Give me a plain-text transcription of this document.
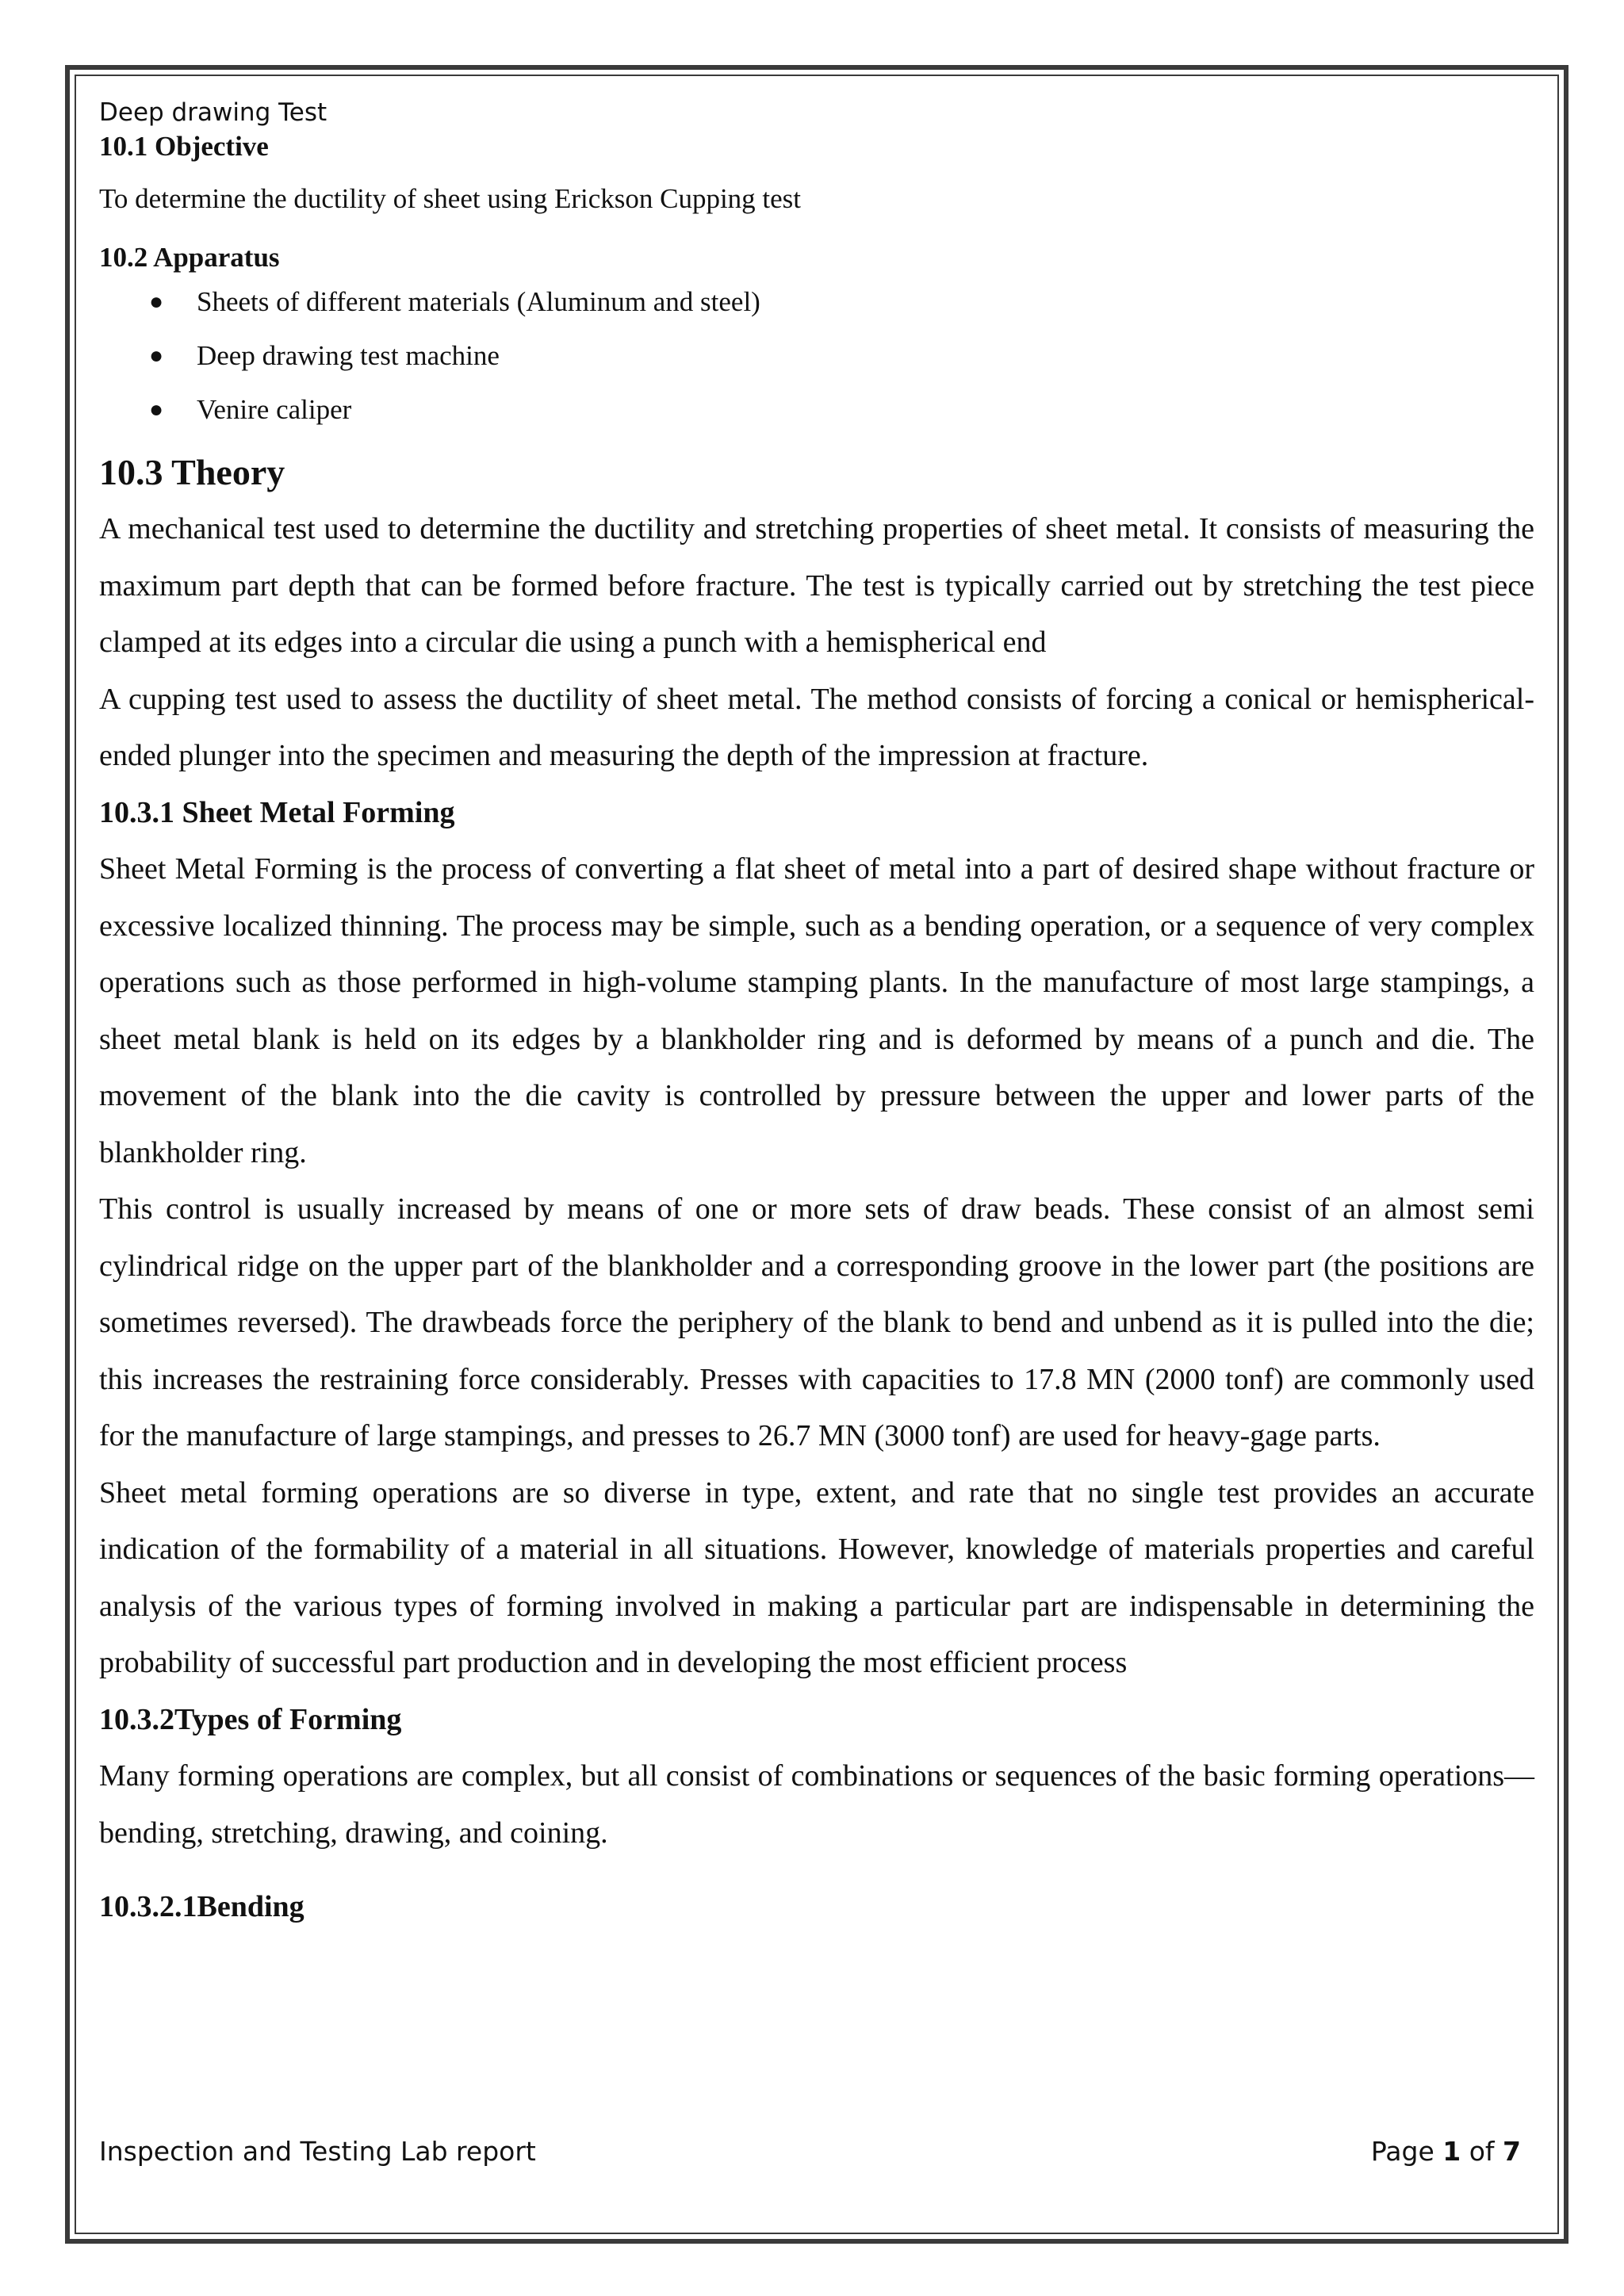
Deep drawing Test

10.1 Objective

To determine the ductility of sheet using Erickson Cupping test

10.2 Apparatus

● Sheets of different materials (Aluminum and steel)
● Deep drawing test machine
● Venire caliper

10.3 Theory

A mechanical test used to determine the ductility and stretching properties of sheet metal. It consists of measuring the maximum part depth that can be formed before fracture. The test is typically carried out by stretching the test piece clamped at its edges into a circular die using a punch with a hemispherical end

A cupping test used to assess the ductility of sheet metal. The method consists of forcing a conical or hemispherical-ended plunger into the specimen and measuring the depth of the impression at fracture.

10.3.1 Sheet Metal Forming

Sheet Metal Forming is the process of converting a flat sheet of metal into a part of desired shape without fracture or excessive localized thinning. The process may be simple, such as a bending operation, or a sequence of very complex operations such as those performed in high-volume stamping plants. In the manufacture of most large stampings, a sheet metal blank is held on its edges by a blankholder ring and is deformed by means of a punch and die. The movement of the blank into the die cavity is controlled by pressure between the upper and lower parts of the blankholder ring.

This control is usually increased by means of one or more sets of draw beads. These consist of an almost semi cylindrical ridge on the upper part of the blankholder and a corresponding groove in the lower part (the positions are sometimes reversed). The drawbeads force the periphery of the blank to bend and unbend as it is pulled into the die; this increases the restraining force considerably. Presses with capacities to 17.8 MN (2000 tonf) are commonly used for the manufacture of large stampings, and presses to 26.7 MN (3000 tonf) are used for heavy-gage parts.

Sheet metal forming operations are so diverse in type, extent, and rate that no single test provides an accurate indication of the formability of a material in all situations. However, knowledge of materials properties and careful analysis of the various types of forming involved in making a particular part are indispensable in determining the probability of successful part production and in developing the most efficient process

10.3.2Types of Forming

Many forming operations are complex, but all consist of combinations or sequences of the basic forming operations—bending, stretching, drawing, and coining.

10.3.2.1Bending

Inspection and Testing Lab report	Page 1 of 7
